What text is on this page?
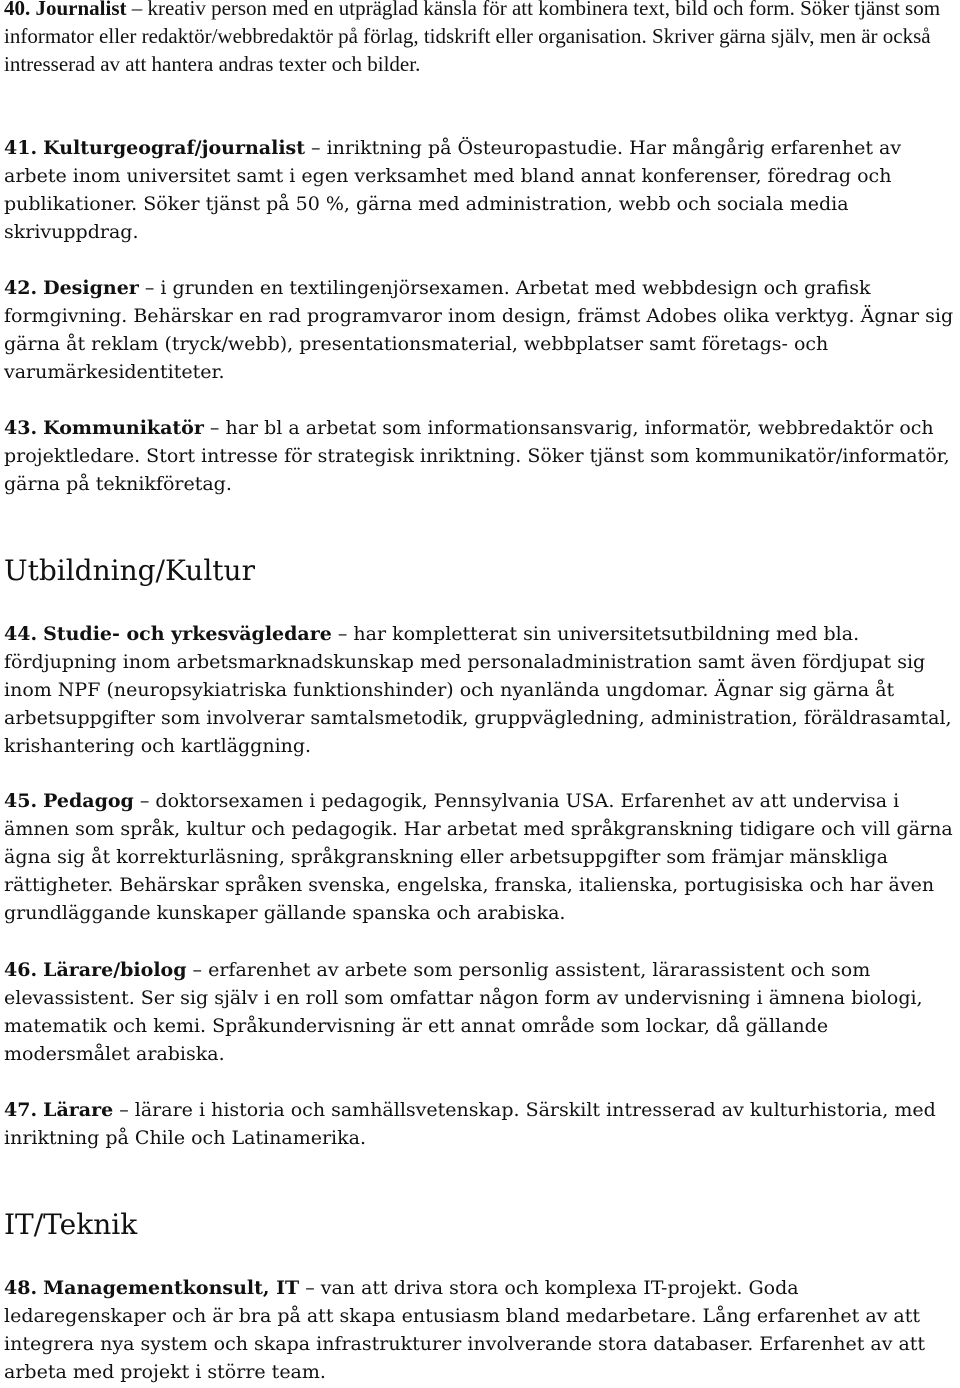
40. Journalist – kreativ person med en utpräglad känsla för att kombinera text, bild och form. Söker tjänst som informator eller redaktör/webbredaktör på förlag, tidskrift eller organisation. Skriver gärna själv, men är också intresserad av att hantera andras texter och bilder.

41. Kulturgeograf/journalist – inriktning på Östeuropastudie. Har mångårig erfarenhet av arbete inom universitet samt i egen verksamhet med bland annat konferenser, föredrag och publikationer. Söker tjänst på 50 %, gärna med administration, webb och sociala media skrivuppdrag.

42. Designer – i grunden en textilingenjörsexamen. Arbetat med webbdesign och grafisk formgivning. Behärskar en rad programvaror inom design, främst Adobes olika verktyg. Ägnar sig gärna åt reklam (tryck/webb), presentationsmaterial, webbplatser samt företags- och varumärkesidentiteter.

43. Kommunikatör – har bl a arbetat som informationsansvarig, informatör, webbredaktör och projektledare. Stort intresse för strategisk inriktning. Söker tjänst som kommunikatör/informatör, gärna på teknikföretag.

Utbildning/Kultur

44. Studie- och yrkesvägledare – har kompletterat sin universitetsutbildning med bla. fördjupning inom arbetsmarknadskunskap med personaladministration samt även fördjupat sig inom NPF (neuropsykiatriska funktionshinder) och nyanlända ungdomar. Ägnar sig gärna åt arbetsuppgifter som involverar samtalsmetodik, gruppvägledning, administration, föräldrasamtal, krishantering och kartläggning.

45. Pedagog – doktorsexamen i pedagogik, Pennsylvania USA. Erfarenhet av att undervisa i ämnen som språk, kultur och pedagogik. Har arbetat med språkgranskning tidigare och vill gärna ägna sig åt korrekturläsning, språkgranskning eller arbetsuppgifter som främjar mänskliga rättigheter. Behärskar språken svenska, engelska, franska, italienska, portugisiska och har även grundläggande kunskaper gällande spanska och arabiska.

46. Lärare/biolog – erfarenhet av arbete som personlig assistent, lärarassistent och som elevassistent. Ser sig själv i en roll som omfattar någon form av undervisning i ämnena biologi, matematik och kemi. Språkundervisning är ett annat område som lockar, då gällande modersmålet arabiska.

47. Lärare – lärare i historia och samhällsvetenskap. Särskilt intresserad av kulturhistoria, med inriktning på Chile och Latinamerika.

IT/Teknik

48. Managementkonsult, IT – van att driva stora och komplexa IT-projekt. Goda ledaregenskaper och är bra på att skapa entusiasm bland medarbetare. Lång erfarenhet av att integrera nya system och skapa infrastrukturer involverande stora databaser. Erfarenhet av att arbeta med projekt i större team.
